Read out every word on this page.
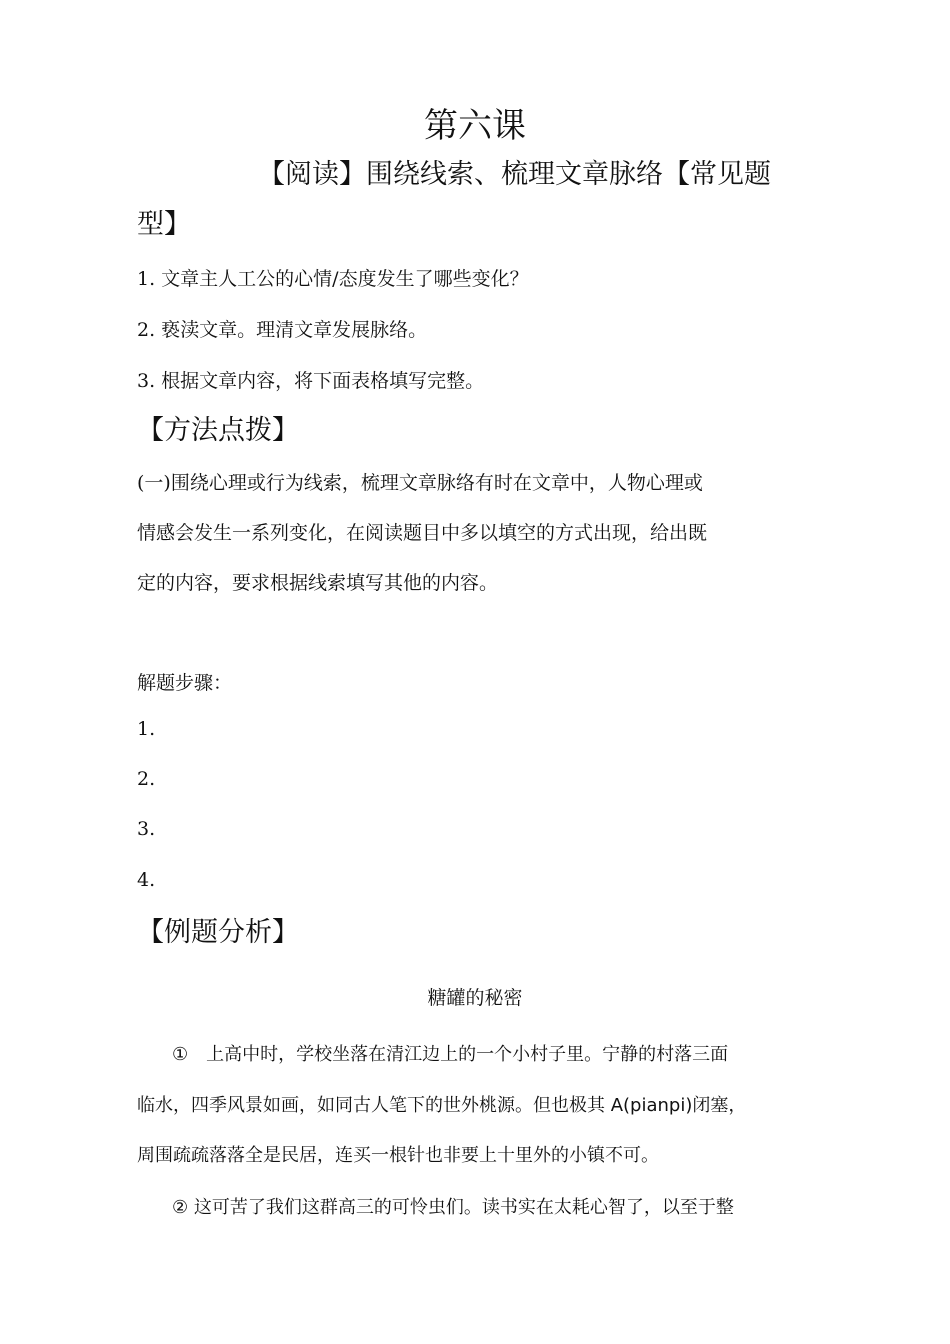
第六课
【阅读】围绕线索、梳理文章脉络【常见题
型】
1. 文章主人工公的心情/态度发生了哪些变化？
2. 亵渎文章。理清文章发展脉络。
3. 根据文章内容，将下面表格填写完整。
【方法点拨】
(一)围绕心理或行为线索，梳理文章脉络有时在文章中，人物心理或
情感会发生一系列变化，在阅读题目中多以填空的方式出现，给出既
定的内容，要求根据线索填写其他的内容。
解题步骤：
1.
2.
3.
4.
【例题分析】
糖罐的秘密
①　上高中时，学校坐落在清江边上的一个小村子里。宁静的村落三面
临水，四季风景如画，如同古人笔下的世外桃源。但也极其 A(pianpi)闭塞，
周围疏疏落落全是民居，连买一根针也非要上十里外的小镇不可。
② 这可苦了我们这群高三的可怜虫们。读书实在太耗心智了，以至于整
